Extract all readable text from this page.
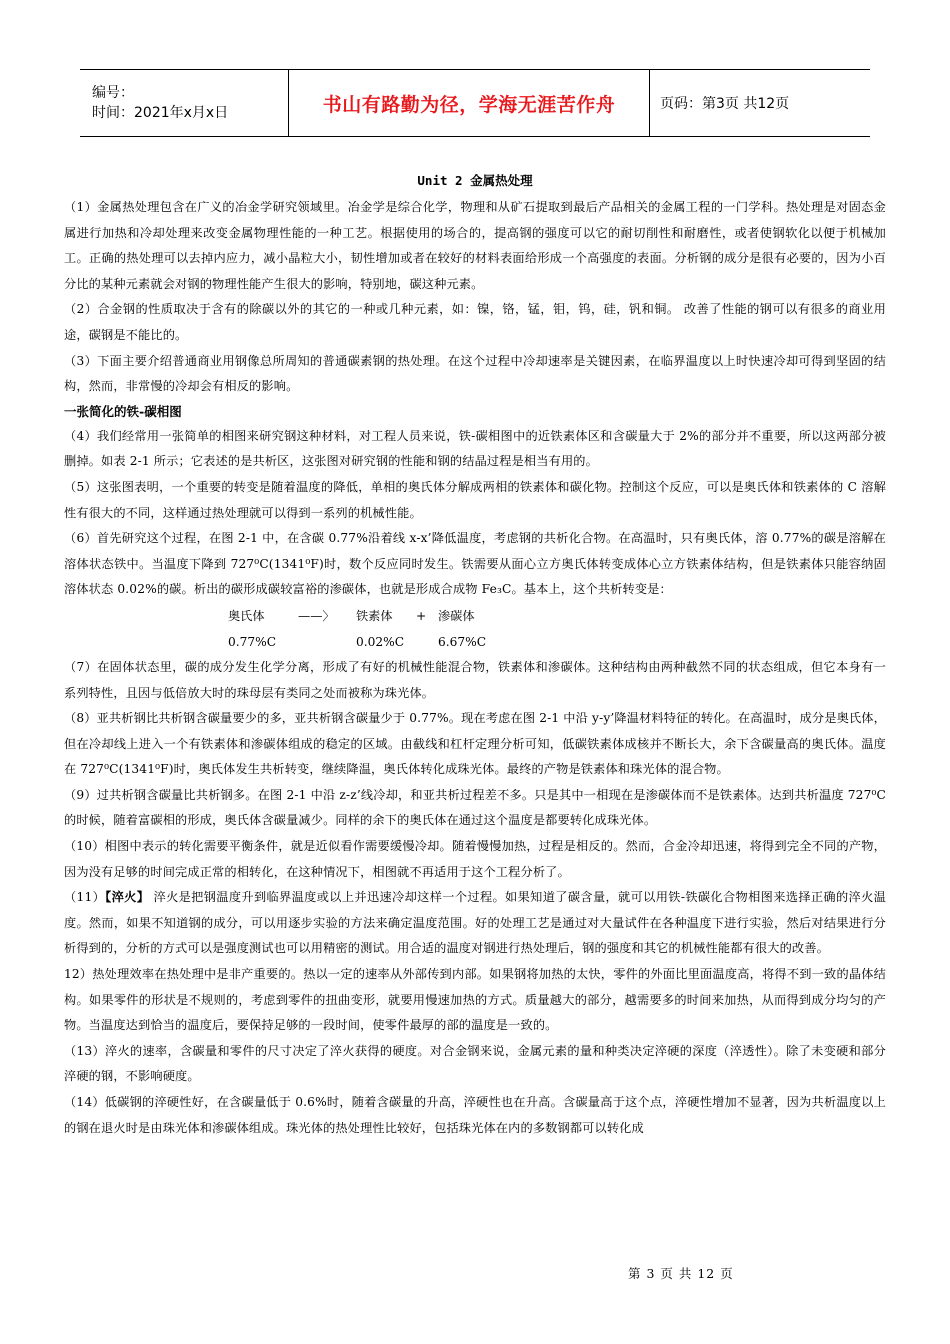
编号：
时间：2021年x月x日	书山有路勤为径，学海无涯苦作舟	页码：第3页 共12页
Unit 2 金属热处理

（1）金属热处理包含在广义的冶金学研究领域里。冶金学是综合化学，物理和从矿石提取到最后产品相关的金属工程的一门学科。热处理是对固态金属进行加热和冷却处理来改变金属物理性能的一种工艺。根据使用的场合的，提高钢的强度可以它的耐切削性和耐磨性，或者使钢软化以便于机械加工。正确的热处理可以去掉内应力，减小晶粒大小，韧性增加或者在较好的材料表面给形成一个高强度的表面。分析钢的成分是很有必要的，因为小百分比的某种元素就会对钢的物理性能产生很大的影响，特别地，碳这种元素。

（2）合金钢的性质取决于含有的除碳以外的其它的一种或几种元素，如：镍，铬，锰，钼，钨，硅，钒和铜。 改善了性能的钢可以有很多的商业用途，碳钢是不能比的。

（3）下面主要介绍普通商业用钢像总所周知的普通碳素钢的热处理。在这个过程中冷却速率是关键因素，在临界温度以上时快速冷却可得到坚固的结构，然而，非常慢的冷却会有相反的影响。

一张简化的铁-碳相图

（4）我们经常用一张简单的相图来研究钢这种材料，对工程人员来说，铁-碳相图中的近铁素体区和含碳量大于 2%的部分并不重要，所以这两部分被删掉。如表 2-1 所示；它表述的是共析区，这张图对研究钢的性能和钢的结晶过程是相当有用的。

（5）这张图表明，一个重要的转变是随着温度的降低，单相的奥氏体分解成两相的铁素体和碳化物。控制这个反应，可以是奥氏体和铁素体的 C 溶解性有很大的不同，这样通过热处理就可以得到一系列的机械性能。

（6）首先研究这个过程，在图 2-1 中，在含碳 0.77%沿着线 x-x’降低温度，考虑钢的共析化合物。在高温时，只有奥氏体，溶 0.77%的碳是溶解在溶体状态铁中。当温度下降到 727⁰C(1341⁰F)时，数个反应同时发生。铁需要从面心立方奥氏体转变成体心立方铁素体结构，但是铁素体只能容纳固溶体状态 0.02%的碳。析出的碳形成碳较富裕的渗碳体，也就是形成合成物 Fe₃C。基本上，这个共析转变是：

奥氏体	——〉	铁素体	+ 渗碳体
0.77%C	0.02%C	6.67%C

（7）在固体状态里，碳的成分发生化学分离，形成了有好的机械性能混合物，铁素体和渗碳体。这种结构由两种截然不同的状态组成，但它本身有一系列特性，且因与低倍放大时的珠母层有类同之处而被称为珠光体。

（8）亚共析钢比共析钢含碳量要少的多，亚共析钢含碳量少于 0.77%。现在考虑在图 2-1 中沿 y-y’降温材料特征的转化。在高温时，成分是奥氏体，但在冷却线上进入一个有铁素体和渗碳体组成的稳定的区域。由截线和杠杆定理分析可知，低碳铁素体成核并不断长大，余下含碳量高的奥氏体。温度在 727⁰C(1341⁰F)时，奥氏体发生共析转变，继续降温，奥氏体转化成珠光体。最终的产物是铁素体和珠光体的混合物。

（9）过共析钢含碳量比共析钢多。在图 2-1 中沿 z-z’线冷却，和亚共析过程差不多。只是其中一相现在是渗碳体而不是铁素体。达到共析温度 727⁰C 的时候，随着富碳相的形成，奥氏体含碳量减少。同样的余下的奥氏体在通过这个温度是都要转化成珠光体。

（10）相图中表示的转化需要平衡条件，就是近似看作需要缓慢冷却。随着慢慢加热，过程是相反的。然而，合金冷却迅速，将得到完全不同的产物，因为没有足够的时间完成正常的相转化，在这种情况下，相图就不再适用于这个工程分析了。

（11）【淬火】 淬火是把钢温度升到临界温度或以上并迅速冷却这样一个过程。如果知道了碳含量，就可以用铁-铁碳化合物相图来选择正确的淬火温度。然而，如果不知道钢的成分，可以用逐步实验的方法来确定温度范围。好的处理工艺是通过对大量试件在各种温度下进行实验，然后对结果进行分析得到的，分析的方式可以是强度测试也可以用精密的测试。用合适的温度对钢进行热处理后，钢的强度和其它的机械性能都有很大的改善。

12）热处理效率在热处理中是非产重要的。热以一定的速率从外部传到内部。如果钢将加热的太快，零件的外面比里面温度高，将得不到一致的晶体结构。如果零件的形状是不规则的，考虑到零件的扭曲变形，就要用慢速加热的方式。质量越大的部分，越需要多的时间来加热，从而得到成分均匀的产物。当温度达到恰当的温度后，要保持足够的一段时间，使零件最厚的部的温度是一致的。

（13）淬火的速率，含碳量和零件的尺寸决定了淬火获得的硬度。对合金钢来说，金属元素的量和种类决定淬硬的深度（淬透性）。除了未变硬和部分淬硬的钢，不影响硬度。

（14）低碳钢的淬硬性好，在含碳量低于 0.6%时，随着含碳量的升高，淬硬性也在升高。含碳量高于这个点，淬硬性增加不显著，因为共析温度以上的钢在退火时是由珠光体和渗碳体组成。珠光体的热处理性比较好，包括珠光体在内的多数钢都可以转化成

第 3 页 共 12 页
